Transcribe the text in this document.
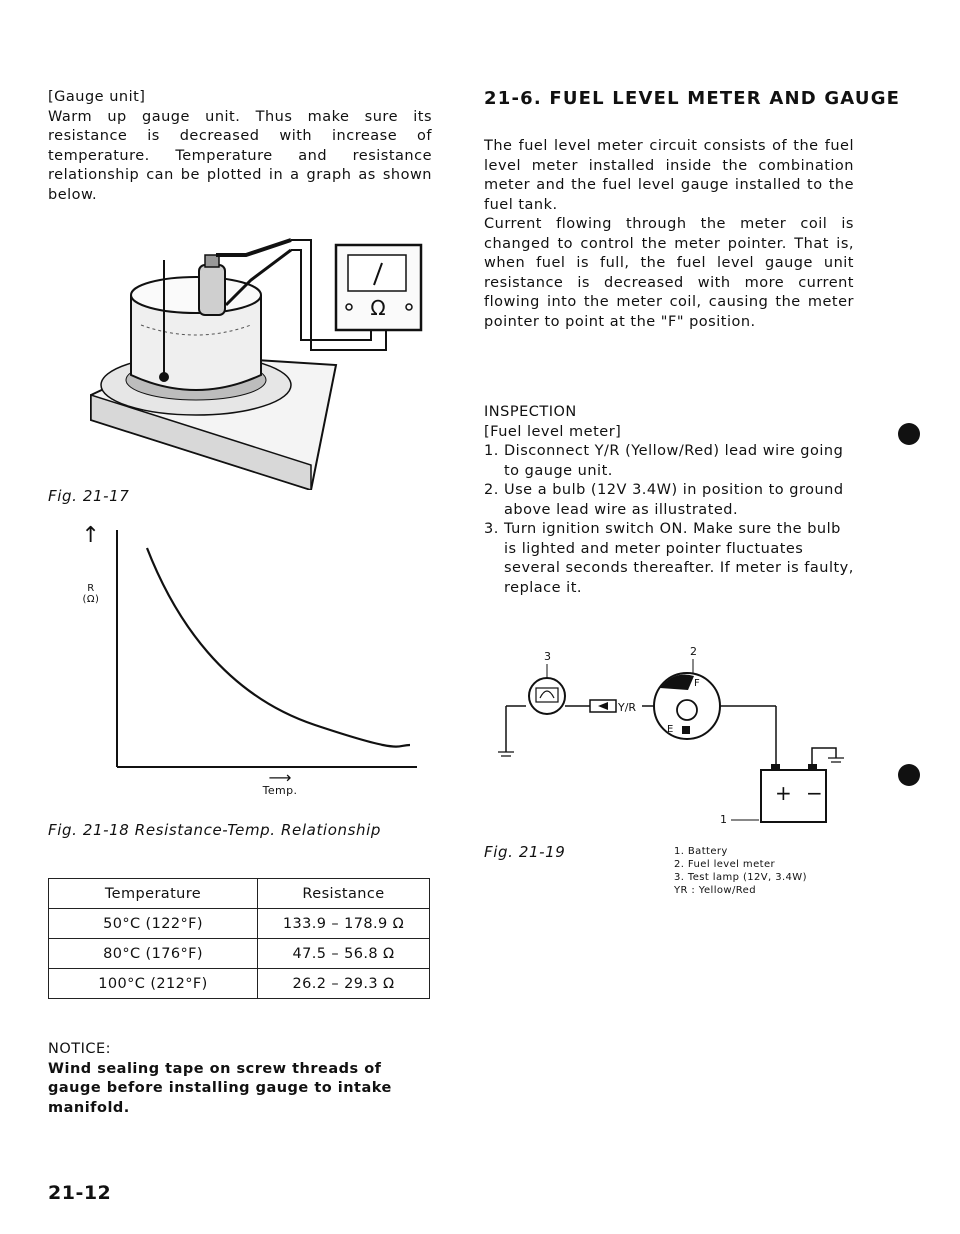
[Gauge unit]

Warm up gauge unit. Thus make sure its resistance is decreased with increase of temperature. Temperature and resistance relationship can be plotted in a graph as shown below.

Ω
Fig. 21-17
↑
R
(Ω)
⟶
Temp.
Fig. 21-18 Resistance-Temp. Relationship
Temperature	Resistance
50°C (122°F)	133.9 – 178.9 Ω
80°C (176°F)	47.5 – 56.8 Ω
100°C (212°F)	26.2 – 29.3 Ω

NOTICE:

Wind sealing tape on screw threads of gauge before installing gauge to intake manifold.

21-12
21-6. FUEL LEVEL METER AND GAUGE

The fuel level meter circuit consists of the fuel level meter installed inside the combination meter and the fuel level gauge installed to the fuel tank.

Current flowing through the meter coil is changed to control the meter pointer. That is, when fuel is full, the fuel level gauge unit resistance is decreased with more current flowing into the meter coil, causing the meter pointer to point at the "F" position.

INSPECTION

[Fuel level meter]

1. Disconnect Y/R (Yellow/Red) lead wire going to gauge unit.
2. Use a bulb (12V 3.4W) in position to ground above lead wire as illustrated.
3. Turn ignition switch ON. Make sure the bulb is lighted and meter pointer fluctuates several seconds thereafter. If meter is faulty, replace it.
3	2
1
Y/R
F
E
+ −
Fig. 21-19	1. Battery
2. Fuel level meter
3. Test lamp (12V, 3.4W)
YR : Yellow/Red
